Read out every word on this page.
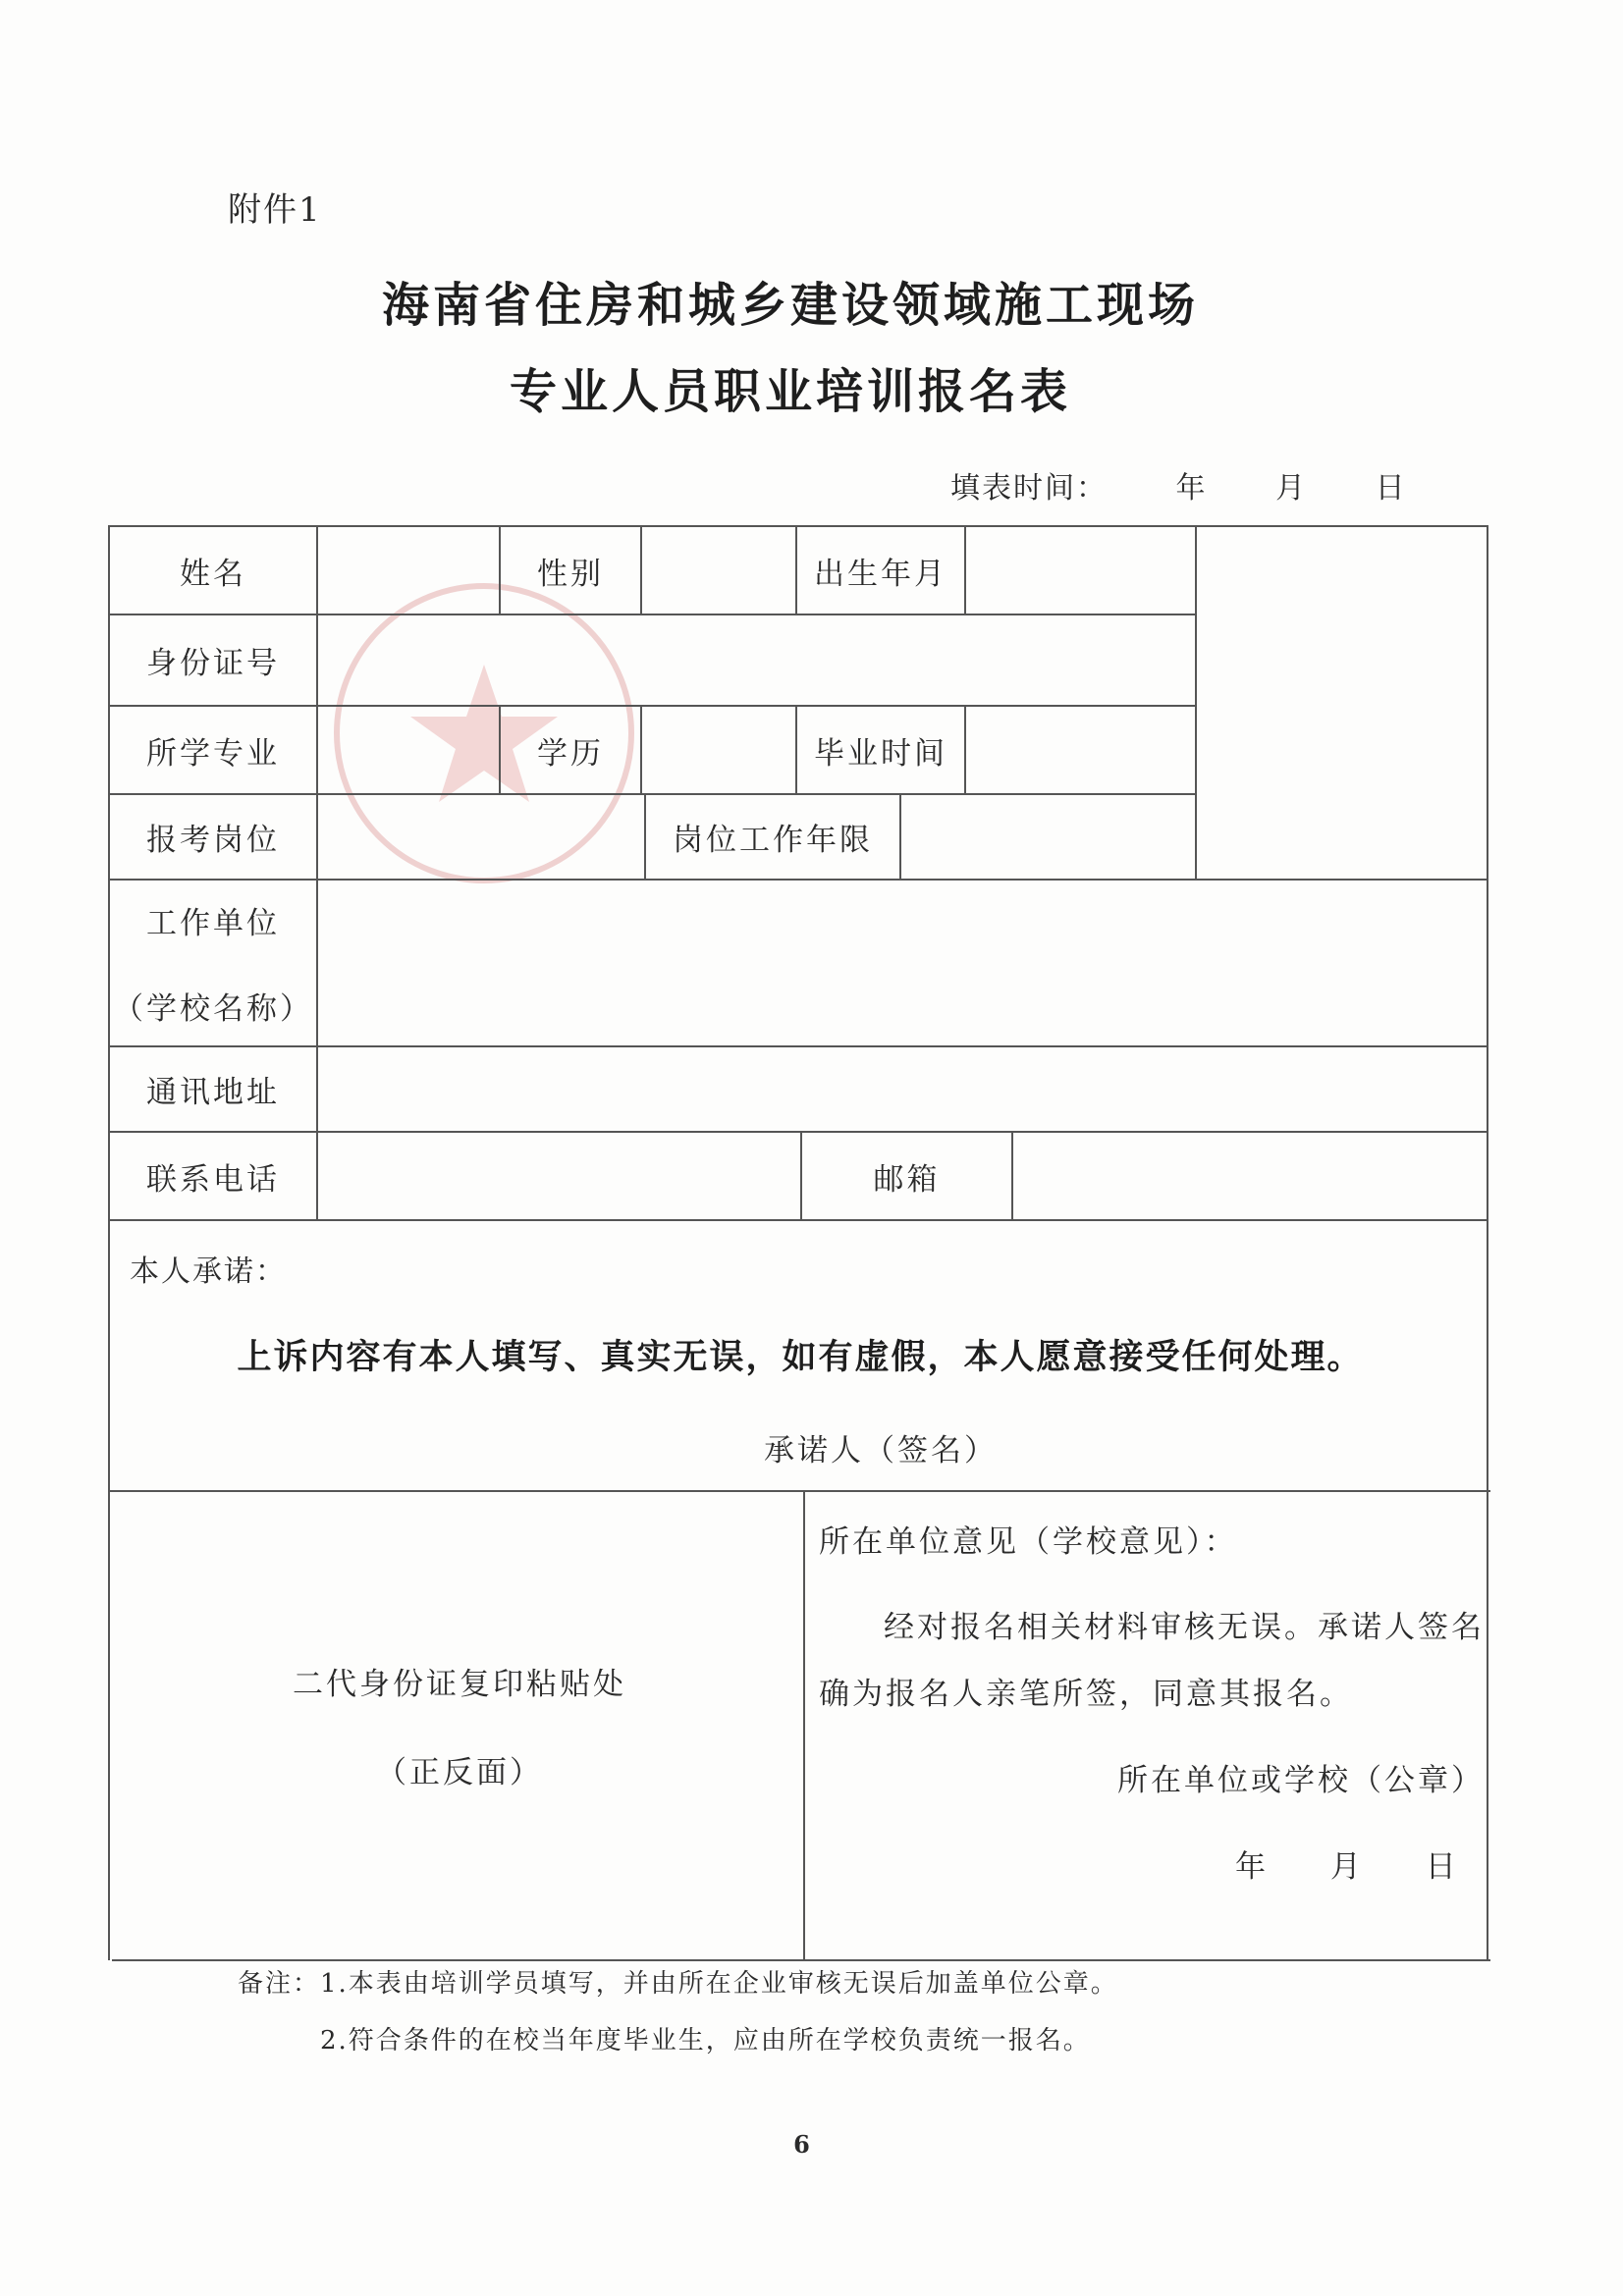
附件1
海南省住房和城乡建设领域施工现场
专业人员职业培训报名表
填表时间： 年 月 日
姓名	性别	出生年月
身份证号
所学专业	学历	毕业时间
报考岗位	岗位工作年限
工作单位
（学校名称）
通讯地址
联系电话	邮箱
本人承诺：
上诉内容有本人填写、真实无误，如有虚假，本人愿意接受任何处理。
承诺人（签名）
二代身份证复印粘贴处
（正反面）
所在单位意见（学校意见）：
经对报名相关材料审核无误。承诺人签名
确为报名人亲笔所签，同意其报名。
所在单位或学校（公章）
年 月 日
备注：1.本表由培训学员填写，并由所在企业审核无误后加盖单位公章。
2.符合条件的在校当年度毕业生，应由所在学校负责统一报名。
6
